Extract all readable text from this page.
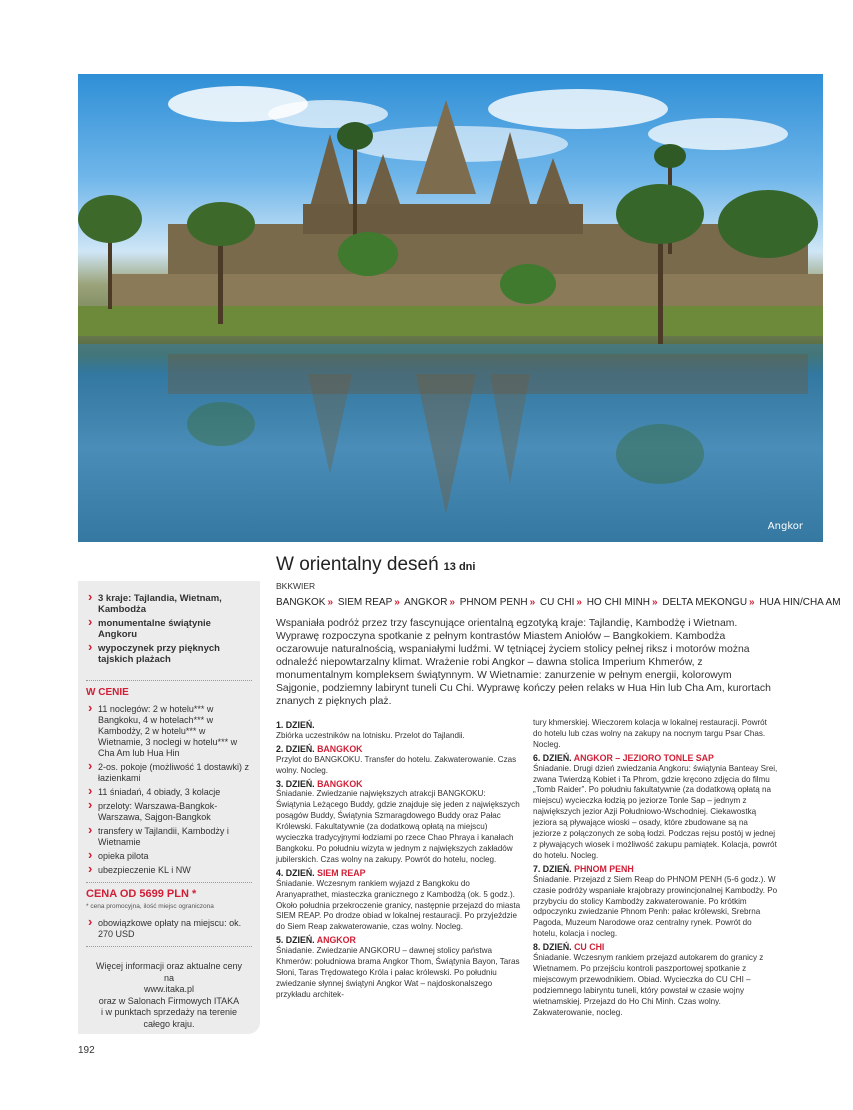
Angkor
W orientalny deseń 13 dni
BKKWIER
BANGKOK » SIEM REAP » ANGKOR » PHNOM PENH » CU CHI » HO CHI MINH » DELTA MEKONGU » HUA HIN/CHA AM
Wspaniała podróż przez trzy fascynujące orientalną egzotyką kraje: Tajlandię, Kambodżę i Wietnam. Wyprawę rozpoczyna spotkanie z pełnym kontrastów Miastem Aniołów – Bangkokiem. Kambodża oczarowuje naturalnością, wspaniałymi ludźmi. W tętniącej życiem stolicy pełnej riksz i motorów można odnaleźć niepowtarzalny klimat. Wrażenie robi Angkor – dawna stolica Imperium Khmerów, z monumentalnym kompleksem świątynnym. W Wietnamie: zanurzenie w pełnym energii, kolorowym Sajgonie, podziemny labirynt tuneli Cu Chi. Wyprawę kończy pełen relaks w Hua Hin lub Cha Am, kurortach znanych z pięknych plaż.
› 3 kraje: Tajlandia, Wietnam, Kambodża
› monumentalne świątynie Angkoru
› wypoczynek przy pięknych tajskich plażach
W CENIE
› 11 noclegów: 2 w hotelu*** w Bangkoku, 4 w hotelach*** w Kambodży, 2 w hotelu*** w Wietnamie, 3 noclegi w hotelu*** w Cha Am lub Hua Hin
› 2-os. pokoje (możliwość 1 dostawki) z łazienkami
› 11 śniadań, 4 obiady, 3 kolacje
› przeloty: Warszawa-Bangkok-Warszawa, Sajgon-Bangkok
› transfery w Tajlandii, Kambodży i Wietnamie
› opieka pilota
› ubezpieczenie KL i NW
CENA OD 5699 PLN *
* cena promocyjna, ilość miejsc ograniczona
› obowiązkowe opłaty na miejscu: ok. 270 USD
Więcej informacji oraz aktualne ceny na
www.itaka.pl
oraz w Salonach Firmowych ITAKA
i w punktach sprzedaży na terenie
całego kraju.
192
1. DZIEŃ.
Zbiórka uczestników na lotnisku. Przelot do Tajlandii.
2. DZIEŃ. BANGKOK
Przylot do BANGKOKU. Transfer do hotelu. Zakwaterowanie. Czas wolny. Nocleg.
3. DZIEŃ. BANGKOK
Śniadanie. Zwiedzanie największych atrakcji BANGKOKU: Świątynia Leżącego Buddy, gdzie znajduje się jeden z największych posągów Buddy, Świątynia Szmaragdowego Buddy oraz Pałac Królewski. Fakultatywnie (za dodatkową opłatą na miejscu) wycieczka tradycyjnymi łodziami po rzece Chao Phraya i kanałach Bangkoku. Po południu wizyta w jednym z największych zakładów jubilerskich. Czas wolny na zakupy. Powrót do hotelu, nocleg.
4. DZIEŃ. SIEM REAP
Śniadanie. Wczesnym rankiem wyjazd z Bangkoku do Aranyaprathet, miasteczka granicznego z Kambodżą (ok. 5 godz.). Około południa przekroczenie granicy, następnie przejazd do miasta SIEM REAP. Po drodze obiad w lokalnej restauracji. Po przyjeździe do Siem Reap zakwaterowanie, czas wolny. Nocleg.
5. DZIEŃ. ANGKOR
Śniadanie. Zwiedzanie ANGKORU – dawnej stolicy państwa Khmerów: południowa brama Angkor Thom, Świątynia Bayon, Taras Słoni, Taras Trędowatego Króla i pałac królewski. Po południu zwiedzanie słynnej świątyni Angkor Wat – najdoskonalszego przykładu architek-
tury khmerskiej. Wieczorem kolacja w lokalnej restauracji. Powrót do hotelu lub czas wolny na zakupy na nocnym targu Psar Chas. Nocleg.
6. DZIEŃ. ANGKOR – JEZIORO TONLE SAP
Śniadanie. Drugi dzień zwiedzania Angkoru: świątynia Banteay Srei, zwana Twierdzą Kobiet i Ta Phrom, gdzie kręcono zdjęcia do filmu „Tomb Raider”. Po południu fakultatywnie (za dodatkową opłatą na miejscu) wycieczka łodzią po jeziorze Tonle Sap – jednym z największych jezior Azji Południowo-Wschodniej. Ciekawostką jeziora są pływające wioski – osady, które zbudowane są na jeziorze z połączonych ze sobą łodzi. Podczas rejsu postój w jednej z pływających wiosek i możliwość zakupu pamiątek. Kolacja, powrót do hotelu. Nocleg.
7. DZIEŃ. PHNOM PENH
Śniadanie. Przejazd z Siem Reap do PHNOM PENH (5-6 godz.). W czasie podróży wspaniałe krajobrazy prowincjonalnej Kambodży. Po przybyciu do stolicy Kambodży zakwaterowanie. Po krótkim odpoczynku zwiedzanie Phnom Penh: pałac królewski, Srebrna Pagoda, Muzeum Narodowe oraz centralny rynek. Powrót do hotelu, kolacja i nocleg.
8. DZIEŃ. CU CHI
Śniadanie. Wczesnym rankiem przejazd autokarem do granicy z Wietnamem. Po przejściu kontroli paszportowej spotkanie z miejscowym przewodnikiem. Obiad. Wycieczka do CU CHI – podziemnego labiryntu tuneli, który powstał w czasie wojny wietnamskiej. Przejazd do Ho Chi Minh. Czas wolny. Zakwaterowanie, nocleg.
